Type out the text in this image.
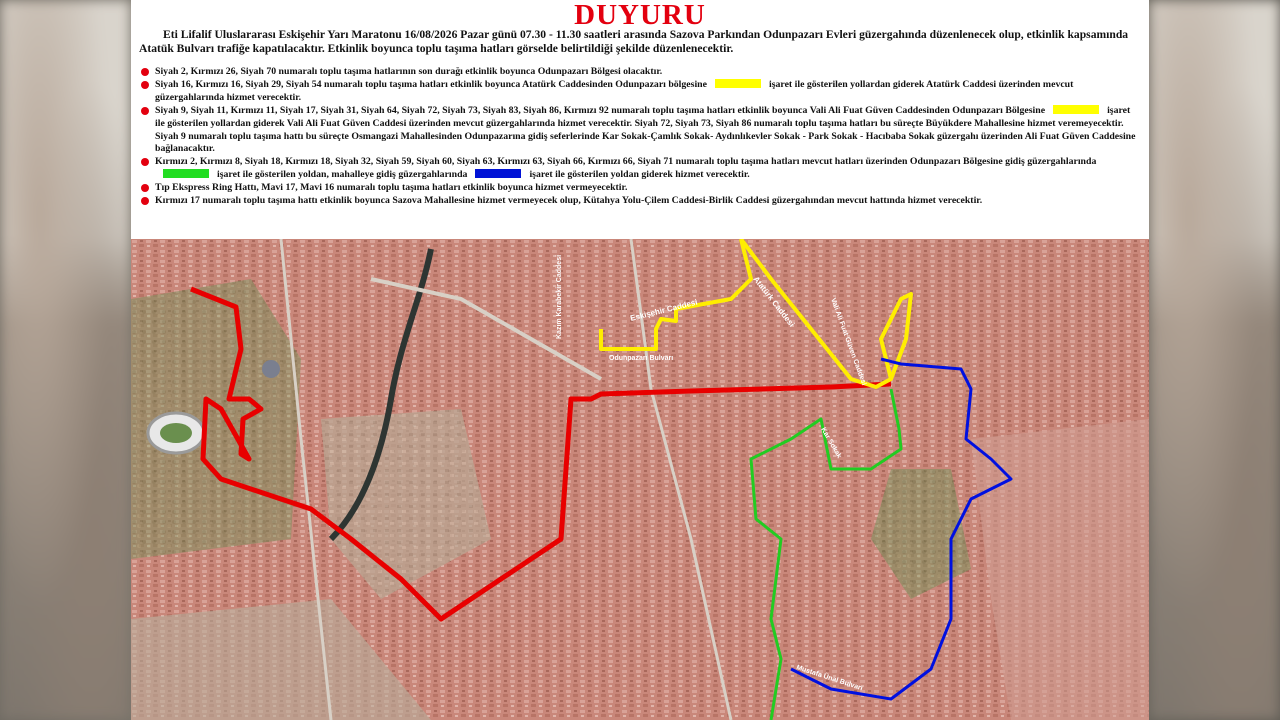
DUYURU
Eti Lifalif Uluslararası Eskişehir Yarı Maratonu 16/08/2026 Pazar günü 07.30 - 11.30 saatleri arasında Sazova Parkından Odunpazarı Evleri güzergahında düzenlenecek olup, etkinlik kapsamında Atatük Bulvarı trafiğe kapatılacaktır. Etkinlik boyunca toplu taşıma hatları görselde belirtildiği şekilde düzenlenecektir.

Siyah 2, Kırmızı 26, Siyah 70 numaralı toplu taşıma hatlarının son durağı etkinlik boyunca Odunpazarı Bölgesi olacaktır.

Siyah 16, Kırmızı 16, Siyah 29, Siyah 54 numaralı toplu taşıma hatları etkinlik boyunca Atatürk Caddesinden Odunpazarı bölgesine	işaret ile gösterilen yollardan giderek Atatürk Caddesi üzerinden mevcut güzergahlarında hizmet verecektir.

Siyah 9, Siyah 11, Kırmızı 11, Siyah 17, Siyah 31, Siyah 64, Siyah 72, Siyah 73, Siyah 83, Siyah 86, Kırmızı 92 numaralı toplu taşıma hatları etkinlik boyunca Vali Ali Fuat Güven Caddesinden Odunpazarı Bölgesine	işaret ile gösterilen yollardan giderek Vali Ali Fuat Güven Caddesi üzerinden mevcut güzergahlarında hizmet verecektir. Siyah 72, Siyah 73, Siyah 86 numaralı toplu taşıma hatları bu süreçte Büyükdere Mahallesine hizmet veremeyecektir. Siyah 9 numaralı toplu taşıma hattı bu süreçte Osmangazi Mahallesinden Odunpazarına gidiş seferlerinde Kar Sokak-Çamlık Sokak- Aydınlıkevler Sokak - Park Sokak - Hacıbaba Sokak güzergahı üzerinden Ali Fuat Güven Caddesine bağlanacaktır.

Kırmızı 2, Kırmızı 8, Siyah 18, Kırmızı 18, Siyah 32, Siyah 59, Siyah 60, Siyah 63, Kırmızı 63, Siyah 66, Kırmızı 66, Siyah 71 numaralı toplu taşıma hatları mevcut hatları üzerinden Odunpazarı Bölgesine gidiş güzergahlarındaişaret ile gösterilen yoldan, mahalleye gidiş güzergahlarında	işaret ile gösterilen yoldan giderek hizmet verecektir.

Tıp Ekspress Ring Hattı, Mavi 17, Mavi 16 numaralı toplu taşıma hatları etkinlik boyunca hizmet vermeyecektir.

Kırmızı 17 numaralı toplu taşıma hattı etkinlik boyunca Sazova Mahallesine hizmet vermeyecek olup, Kütahya Yolu-Çilem Caddesi-Birlik Caddesi güzergahından mevcut hattında hizmet verecektir.

Atatürk Caddesi
Eskişehir Caddesi
Odunpazarı Bulvarı
Kazım Karabekir Caddesi
Vali Ali Fuat Güven Caddesi
Kar Sokak
Mustafa Ünal Bulvarı
